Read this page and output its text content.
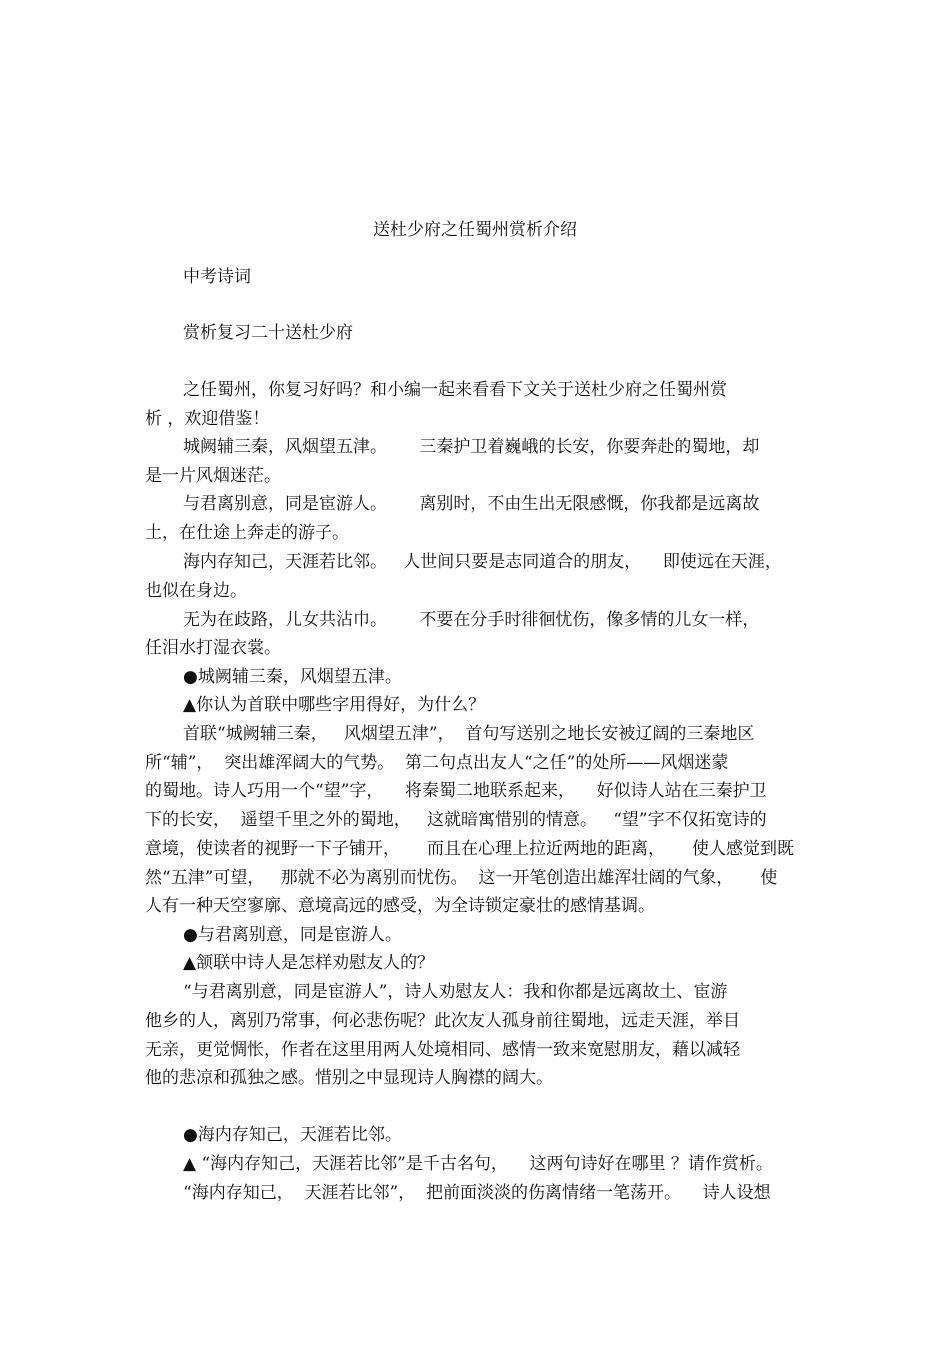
送杜少府之任蜀州赏析介绍
中考诗词
赏析复习二十送杜少府
之任蜀州，你复习好吗？和小编一起来看看下文关于送杜少府之任蜀州赏
析 ，欢迎借鉴！
城阙辅三秦，风烟望五津。      三秦护卫着巍峨的长安，你要奔赴的蜀地，却
是一片风烟迷茫。
与君离别意，同是宦游人。      离别时，不由生出无限感慨，你我都是远离故
土，在仕途上奔走的游子。
海内存知己，天涯若比邻。   人世间只要是志同道合的朋友，    即使远在天涯，
也似在身边。
无为在歧路，儿女共沾巾。      不要在分手时徘徊忧伤，像多情的儿女一样，
任泪水打湿衣裳。
●城阙辅三秦，风烟望五津。
▲你认为首联中哪些字用得好，为什么？
首联“城阙辅三秦，   风烟望五津”，  首句写送别之地长安被辽阔的三秦地区
所“辅”，  突出雄浑阔大的气势。  第二句点出友人“之任”的处所——风烟迷蒙
的蜀地。诗人巧用一个“望”字，    将秦蜀二地联系起来，    好似诗人站在三秦护卫
下的长安，  遥望千里之外的蜀地，   这就暗寓惜别的情意。   “望”字不仅拓宽诗的
意境，使读者的视野一下子铺开，     而且在心理上拉近两地的距离，     使人感觉到既
然“五津”可望，   那就不必为离别而忧伤。  这一开笔创造出雄浑壮阔的气象，     使
人有一种天空寥廓、意境高远的感受，为全诗锁定豪壮的感情基调。
●与君离别意，同是宦游人。
▲颔联中诗人是怎样劝慰友人的？
“与君离别意，同是宦游人”，诗人劝慰友人：我和你都是远离故土、宦游
他乡的人，离别乃常事，何必悲伤呢？此次友人孤身前往蜀地，远走天涯，举目
无亲，更觉惆怅，作者在这里用两人处境相同、感情一致来宽慰朋友，藉以减轻
他的悲凉和孤独之感。惜别之中显现诗人胸襟的阔大。
●海内存知己，天涯若比邻。
▲ “海内存知己，天涯若比邻”是千古名句，    这两句诗好在哪里 ？请作赏析。
“海内存知己，  天涯若比邻”，  把前面淡淡的伤离情绪一笔荡开。    诗人设想
